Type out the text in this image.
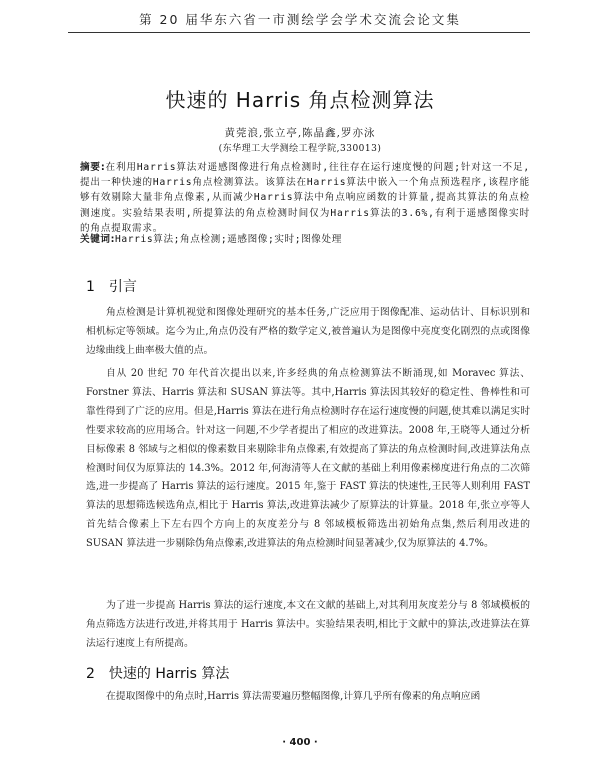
第 20 届华东六省一市测绘学会学术交流会论文集
快速的 Harris 角点检测算法
黄莞浪,张立亭,陈晶鑫,罗亦泳
(东华理工大学测绘工程学院,330013)
摘要:在利用Harris算法对遥感图像进行角点检测时,往往存在运行速度慢的问题;针对这一不足,提出一种快速的Harris角点检测算法。该算法在Harris算法中嵌入一个角点预选程序,该程序能够有效剔除大量非角点像素,从而减少Harris算法中角点响应函数的计算量,提高其算法的角点检测速度。实验结果表明,所提算法的角点检测时间仅为Harris算法的3.6%,有利于遥感图像实时的角点提取需求。
关键词:Harris算法;角点检测;遥感图像;实时;图像处理
1 引言

角点检测是计算机视觉和图像处理研究的基本任务,广泛应用于图像配准、运动估计、目标识别和相机标定等领域。迄今为止,角点仍没有严格的数学定义,被普遍认为是图像中亮度变化剧烈的点或图像边缘曲线上曲率极大值的点。

自从 20 世纪 70 年代首次提出以来,许多经典的角点检测算法不断涌现,如 Moravec 算法、Forstner 算法、Harris 算法和 SUSAN 算法等。其中,Harris 算法因其较好的稳定性、鲁棒性和可靠性得到了广泛的应用。但是,Harris 算法在进行角点检测时存在运行速度慢的问题,使其难以满足实时性要求较高的应用场合。针对这一问题,不少学者提出了相应的改进算法。2008 年,王晓等人通过分析目标像素 8 邻域与之相似的像素数目来剔除非角点像素,有效提高了算法的角点检测时间,改进算法角点检测时间仅为原算法的 14.3%。2012 年,何海清等人在文献的基础上利用像素梯度进行角点的二次筛选,进一步提高了 Harris 算法的运行速度。2015 年,鉴于 FAST 算法的快速性,王民等人则利用 FAST 算法的思想筛选候选角点,相比于 Harris 算法,改进算法减少了原算法的计算量。2018 年,张立亭等人首先结合像素上下左右四个方向上的灰度差分与 8 邻域模板筛选出初始角点集,然后利用改进的 SUSAN 算法进一步剔除伪角点像素,改进算法的角点检测时间显著减少,仅为原算法的 4.7%。

为了进一步提高 Harris 算法的运行速度,本文在文献的基础上,对其利用灰度差分与 8 邻域模板的角点筛选方法进行改进,并将其用于 Harris 算法中。实验结果表明,相比于文献中的算法,改进算法在算法运行速度上有所提高。

2 快速的 Harris 算法

在提取图像中的角点时,Harris 算法需要遍历整幅图像,计算几乎所有像素的角点响应函

· 400 ·
